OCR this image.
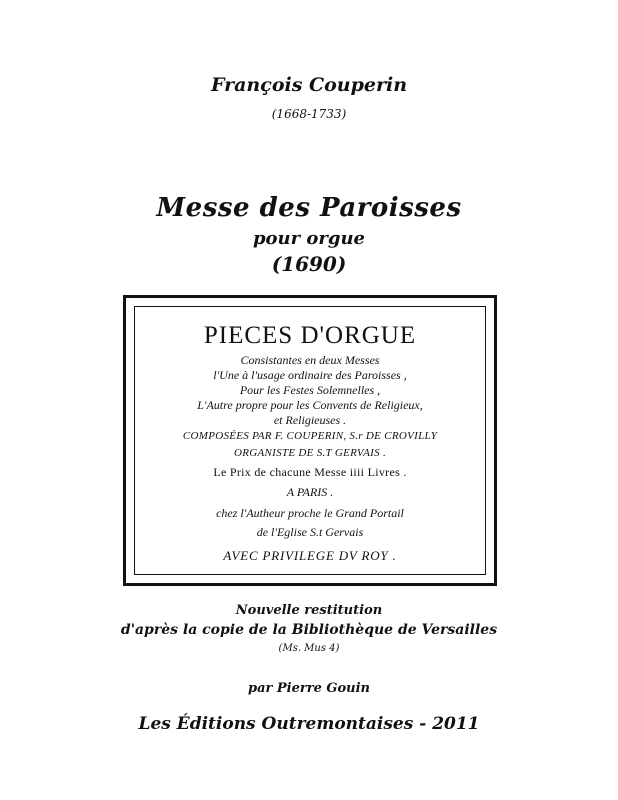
François Couperin
(1668-1733)
Messe des Paroisses
pour orgue
(1690)
PIECES D'ORGUE
Consistantes en deux Messes
l'Une à l'usage ordinaire des Paroisses ,
Pour les Festes Solemnelles ,
L'Autre propre pour les Convents de Religieux,
et Religieuses .
COMPOSÉES PAR F. COUPERIN, S.r DE CROVILLY
ORGANISTE DE S.T GERVAIS .
Le Prix de chacune Messe iiii Livres .
A PARIS .
chez l'Autheur proche le Grand Portail
de l'Eglise S.t Gervais
AVEC PRIVILEGE DV ROY .
Nouvelle restitution
d'après la copie de la Bibliothèque de Versailles
(Ms. Mus 4)
par Pierre Gouin
Les Éditions Outremontaises - 2011
